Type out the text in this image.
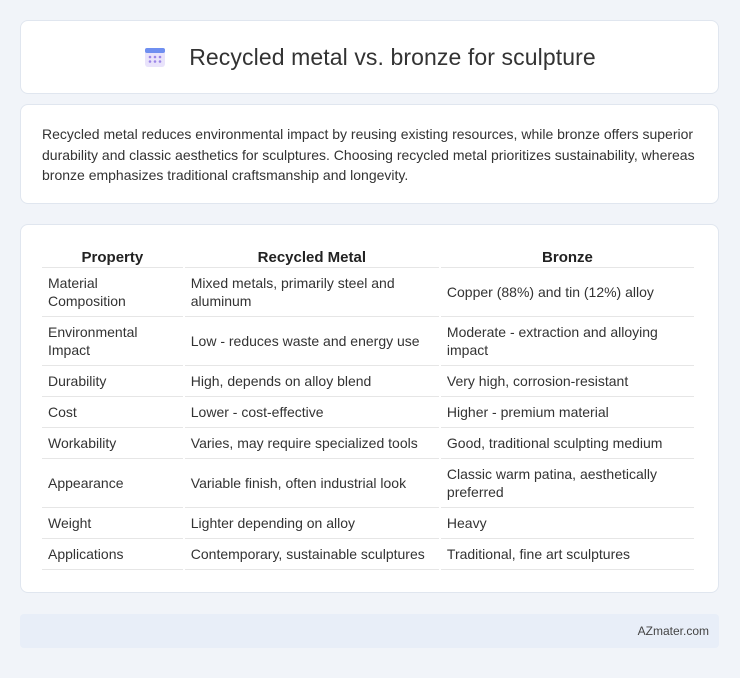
Recycled metal vs. bronze for sculpture

Recycled metal reduces environmental impact by reusing existing resources, while bronze offers superior durability and classic aesthetics for sculptures. Choosing recycled metal prioritizes sustainability, whereas bronze emphasizes traditional craftsmanship and longevity.

Property	Recycled Metal	Bronze
Material Composition	Mixed metals, primarily steel and aluminum	Copper (88%) and tin (12%) alloy
Environmental Impact	Low - reduces waste and energy use	Moderate - extraction and alloying impact
Durability	High, depends on alloy blend	Very high, corrosion-resistant
Cost	Lower - cost-effective	Higher - premium material
Workability	Varies, may require specialized tools	Good, traditional sculpting medium
Appearance	Variable finish, often industrial look	Classic warm patina, aesthetically preferred
Weight	Lighter depending on alloy	Heavy
Applications	Contemporary, sustainable sculptures	Traditional, fine art sculptures
AZmater.com
